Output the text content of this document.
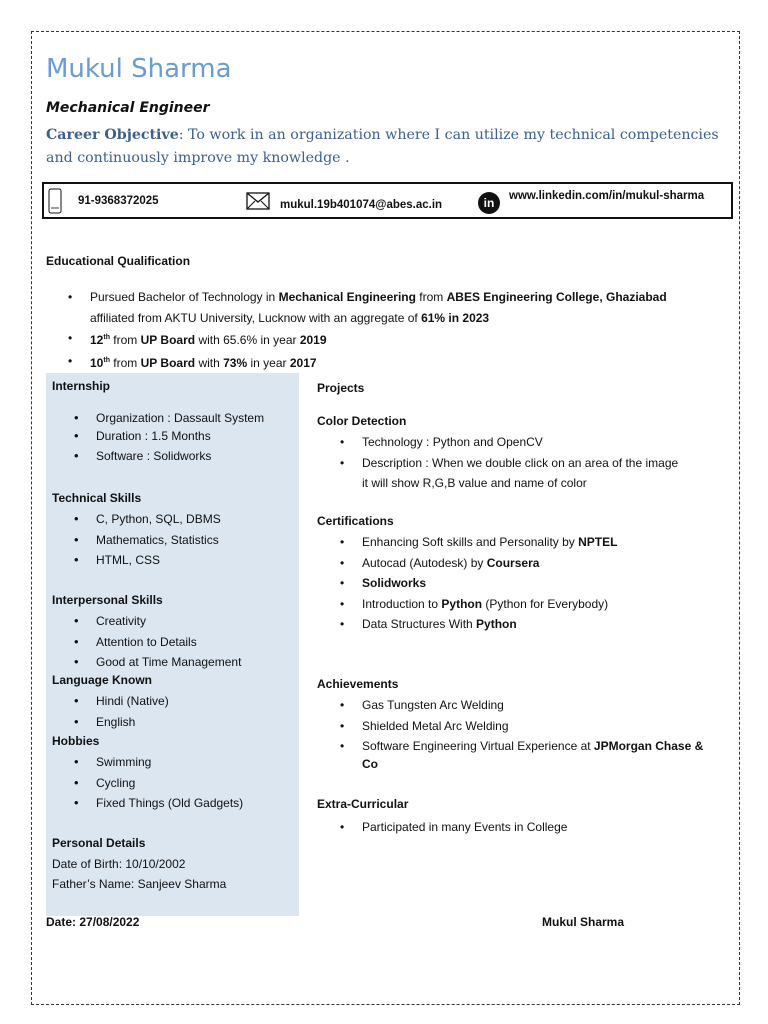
Mukul Sharma
Mechanical Engineer
Career Objective: To work in an organization where I can utilize my technical competencies and continuously improve my knowledge .
91-9368372025	mukul.19b401074@abes.ac.in	in	www.linkedin.com/in/mukul-sharma
Educational Qualification
• Pursued Bachelor of Technology in Mechanical Engineering from ABES Engineering College, Ghaziabad
affiliated from AKTU University, Lucknow with an aggregate of 61% in 2023
• 12th from UP Board with 65.6% in year 2019
• 10th from UP Board with 73% in year 2017
Internship
• Organization : Dassault System
• Duration : 1.5 Months
• Software : Solidworks
Technical Skills
• C, Python, SQL, DBMS
• Mathematics, Statistics
• HTML, CSS
Interpersonal Skills
• Creativity
• Attention to Details
• Good at Time Management
Language Known
• Hindi (Native)
• English
Hobbies
• Swimming
• Cycling
• Fixed Things (Old Gadgets)
Personal Details
Date of Birth: 10/10/2002
Father’s Name: Sanjeev Sharma
Projects
Color Detection
• Technology : Python and OpenCV
• Description : When we double click on an area of the image
it will show R,G,B value and name of color
Certifications
• Enhancing Soft skills and Personality by NPTEL
• Autocad (Autodesk) by Coursera
• Solidworks
• Introduction to Python (Python for Everybody)
• Data Structures With Python
Achievements
• Gas Tungsten Arc Welding
• Shielded Metal Arc Welding
• Software Engineering Virtual Experience at JPMorgan Chase &
Co
Extra-Curricular
• Participated in many Events in College
Date: 27/08/2022	Mukul Sharma
